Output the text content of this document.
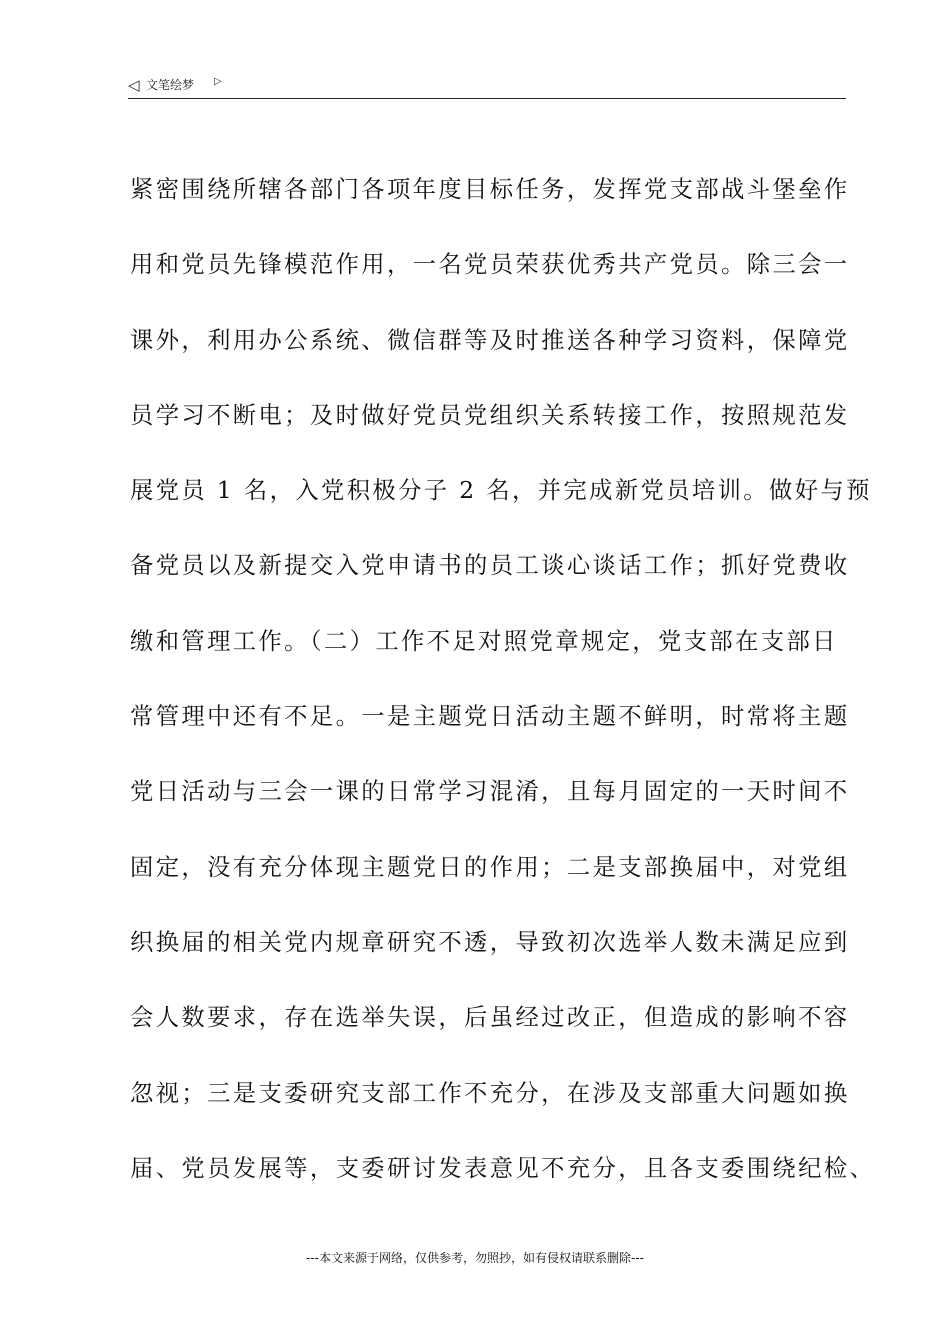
◁ 文笔绘梦 ▷
紧密围绕所辖各部门各项年度目标任务，发挥党支部战斗堡垒作
用和党员先锋模范作用，一名党员荣获优秀共产党员。除三会一
课外，利用办公系统、微信群等及时推送各种学习资料，保障党
员学习不断电；及时做好党员党组织关系转接工作，按照规范发
展党员 1 名，入党积极分子 2 名，并完成新党员培训。做好与预
备党员以及新提交入党申请书的员工谈心谈话工作；抓好党费收
缴和管理工作。（二）工作不足对照党章规定，党支部在支部日
常管理中还有不足。一是主题党日活动主题不鲜明，时常将主题
党日活动与三会一课的日常学习混淆，且每月固定的一天时间不
固定，没有充分体现主题党日的作用；二是支部换届中，对党组
织换届的相关党内规章研究不透，导致初次选举人数未满足应到
会人数要求，存在选举失误，后虽经过改正，但造成的影响不容
忽视；三是支委研究支部工作不充分，在涉及支部重大问题如换
届、党员发展等，支委研讨发表意见不充分，且各支委围绕纪检、
---本文来源于网络，仅供参考，勿照抄，如有侵权请联系删除---
